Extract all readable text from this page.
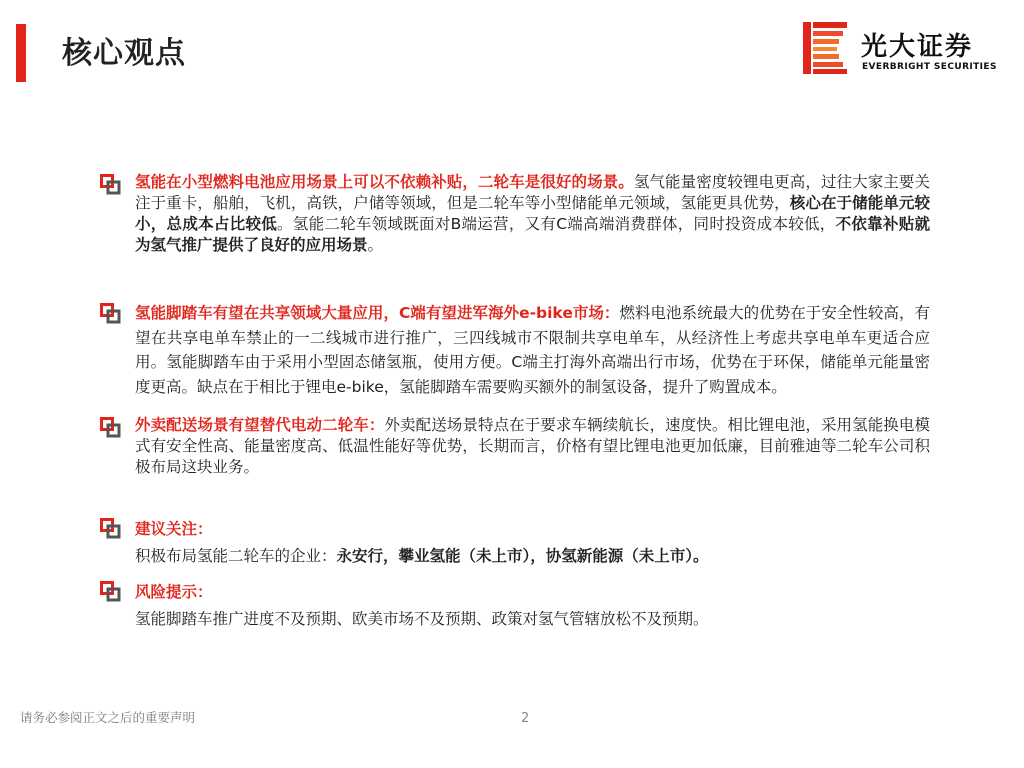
核心观点	光大证券
EVERBRIGHT SECURITIES
氢能在小型燃料电池应用场景上可以不依赖补贴，二轮车是很好的场景。氢气能量密度较锂电更高，过往大家主要关注于重卡，船舶，飞机，高铁，户储等领域，但是二轮车等小型储能单元领域，氢能更具优势，核心在于储能单元较小，总成本占比较低。氢能二轮车领域既面对B端运营，又有C端高端消费群体，同时投资成本较低，不依靠补贴就为氢气推广提供了良好的应用场景。
氢能脚踏车有望在共享领域大量应用，C端有望进军海外e-bike市场：燃料电池系统最大的优势在于安全性较高，有望在共享电单车禁止的一二线城市进行推广，三四线城市不限制共享电单车，从经济性上考虑共享电单车更适合应用。氢能脚踏车由于采用小型固态储氢瓶，使用方便。C端主打海外高端出行市场，优势在于环保，储能单元能量密度更高。缺点在于相比于锂电e-bike，氢能脚踏车需要购买额外的制氢设备，提升了购置成本。
外卖配送场景有望替代电动二轮车：外卖配送场景特点在于要求车辆续航长，速度快。相比锂电池，采用氢能换电模式有安全性高、能量密度高、低温性能好等优势，长期而言，价格有望比锂电池更加低廉，目前雅迪等二轮车公司积极布局这块业务。
建议关注：
积极布局氢能二轮车的企业：永安行，攀业氢能（未上市），协氢新能源（未上市）。
风险提示：
氢能脚踏车推广进度不及预期、欧美市场不及预期、政策对氢气管辖放松不及预期。
请务必参阅正文之后的重要声明	2
